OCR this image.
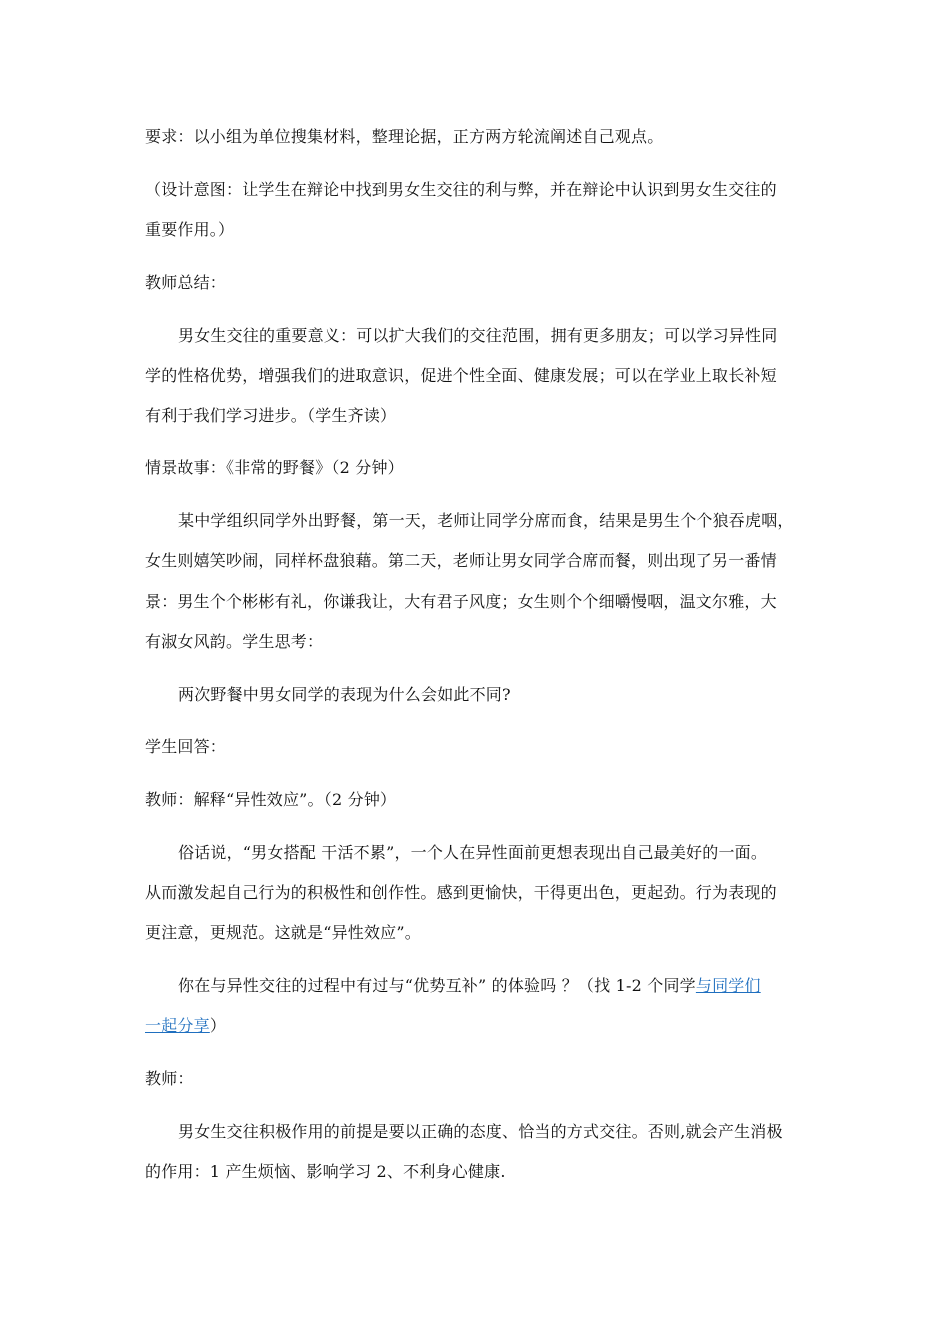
要求：以小组为单位搜集材料，整理论据，正方两方轮流阐述自己观点。
（设计意图：让学生在辩论中找到男女生交往的利与弊，并在辩论中认识到男女生交往的
重要作用。）
教师总结：
男女生交往的重要意义：可以扩大我们的交往范围，拥有更多朋友；可以学习异性同
学的性格优势，增强我们的进取意识，促进个性全面、健康发展；可以在学业上取长补短
有利于我们学习进步。（学生齐读）
情景故事：《非常的野餐》（2 分钟）
某中学组织同学外出野餐，第一天，老师让同学分席而食，结果是男生个个狼吞虎咽，
女生则嬉笑吵闹，同样杯盘狼藉。第二天，老师让男女同学合席而餐，则出现了另一番情
景：男生个个彬彬有礼，你谦我让，大有君子风度；女生则个个细嚼慢咽，温文尔雅，大
有淑女风韵。学生思考：
两次野餐中男女同学的表现为什么会如此不同?
学生回答：
教师：解释“异性效应”。（2 分钟）
俗话说，“男女搭配 干活不累”，一个人在异性面前更想表现出自己最美好的一面。
从而激发起自己行为的积极性和创作性。感到更愉快，干得更出色，更起劲。行为表现的
更注意，更规范。这就是“异性效应”。
你在与异性交往的过程中有过与“优势互补” 的体验吗 ？（找 1-2 个同学与同学们
一起分享）
教师：
男女生交往积极作用的前提是要以正确的态度、恰当的方式交往。否则,就会产生消极
的作用：1 产生烦恼、影响学习 2、不利身心健康.
